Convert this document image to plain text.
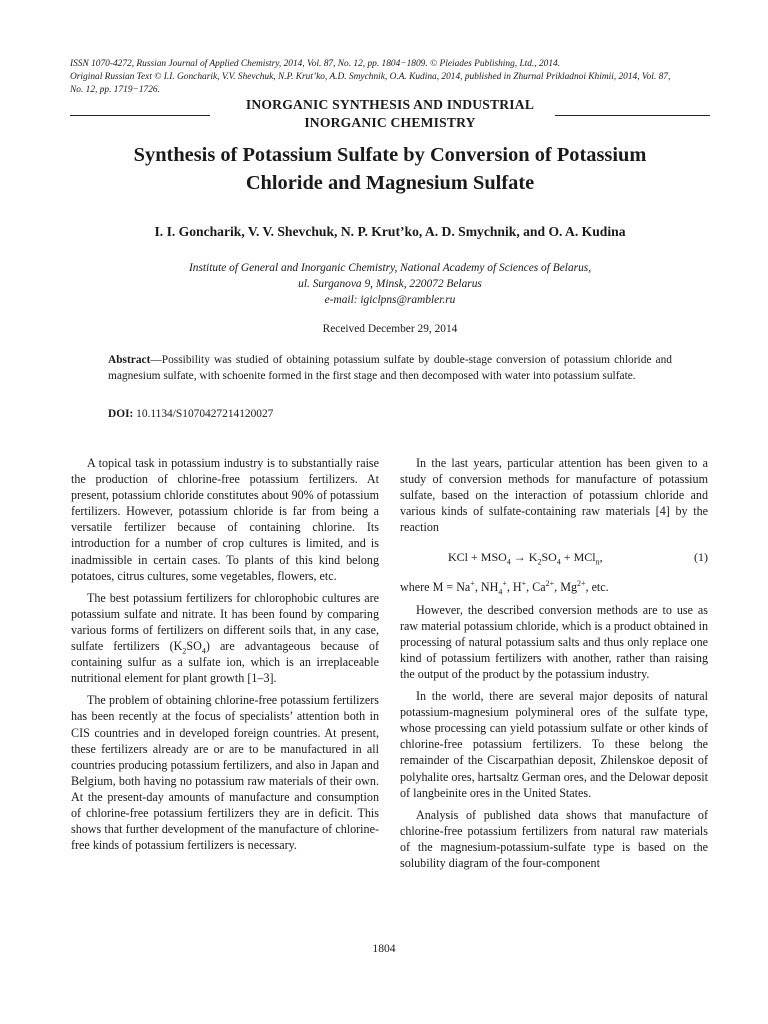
ISSN 1070-4272, Russian Journal of Applied Chemistry, 2014, Vol. 87, No. 12, pp. 1804−1809. © Pleiades Publishing, Ltd., 2014.
Original Russian Text © I.I. Goncharik, V.V. Shevchuk, N.P. Krut’ko, A.D. Smychnik, O.A. Kudina, 2014, published in Zhurnal Prikladnoi Khimii, 2014, Vol. 87,
No. 12, pp. 1719−1726.
INORGANIC SYNTHESIS AND INDUSTRIAL
INORGANIC CHEMISTRY
Synthesis of Potassium Sulfate by Conversion of Potassium
Chloride and Magnesium Sulfate
I. I. Goncharik, V. V. Shevchuk, N. P. Krut’ko, A. D. Smychnik, and O. A. Kudina
Institute of General and Inorganic Chemistry, National Academy of Sciences of Belarus,
ul. Surganova 9, Minsk, 220072 Belarus
e-mail: igiclpns@rambler.ru
Received December 29, 2014
Abstract—Possibility was studied of obtaining potassium sulfate by double-stage conversion of potassium chloride and magnesium sulfate, with schoenite formed in the first stage and then decomposed with water into potassium sulfate.
DOI: 10.1134/S1070427214120027

A topical task in potassium industry is to substantially raise the production of chlorine-free potassium fertilizers. At present, potassium chloride constitutes about 90% of potassium fertilizers. However, potassium chloride is far from being a versatile fertilizer because of containing chlorine. Its introduction for a number of crop cultures is limited, and is inadmissible in certain cases. To plants of this kind belong potatoes, citrus cultures, some vegetables, flowers, etc.

The best potassium fertilizers for chlorophobic cultures are potassium sulfate and nitrate. It has been found by comparing various forms of fertilizers on different soils that, in any case, sulfate fertilizers $(K_2SO_4)$ are advantageous because of containing sulfur as a sulfate ion, which is an irreplaceable nutritional element for plant growth [1–3].

The problem of obtaining chlorine-free potassium fertilizers has been recently at the focus of specialists’ attention both in CIS countries and in developed foreign countries. At present, these fertilizers already are or are to be manufactured in all countries producing potassium fertilizers, and also in Japan and Belgium, both having no potassium raw materials of their own. At the present-day amounts of manufacture and consumption of chlorine-free potassium fertilizers they are in deficit. This shows that further development of the manufacture of chlorine-free kinds of potassium fertilizers is necessary.

In the last years, particular attention has been given to a study of conversion methods for manufacture of potassium sulfate, based on the interaction of potassium chloride and various kinds of sulfate-containing raw materials [4] by the reaction

KCl + $MSO_4 \to K_2SO_4 + MCl_n$,	(1)

where M = Na+, $NH_4^+$, H+, $Ca^{2+}$, $Mg^{2+}$, etc.

However, the described conversion methods are to use as raw material potassium chloride, which is a product obtained in processing of natural potassium salts and thus only replace one kind of potassium fertilizers with another, rather than raising the output of the product by the potassium industry.

In the world, there are several major deposits of natural potassium-magnesium polymineral ores of the sulfate type, whose processing can yield potassium sulfate or other kinds of chlorine-free potassium fertilizers. To these belong the remainder of the Ciscarpathian deposit, Zhilenskoe deposit of polyhalite ores, hartsaltz German ores, and the Delowar deposit of langbeinite ores in the United States.

Analysis of published data shows that manufacture of chlorine-free potassium fertilizers from natural raw materials of the magnesium-potassium-sulfate type is based on the solubility diagram of the four-component

1804
